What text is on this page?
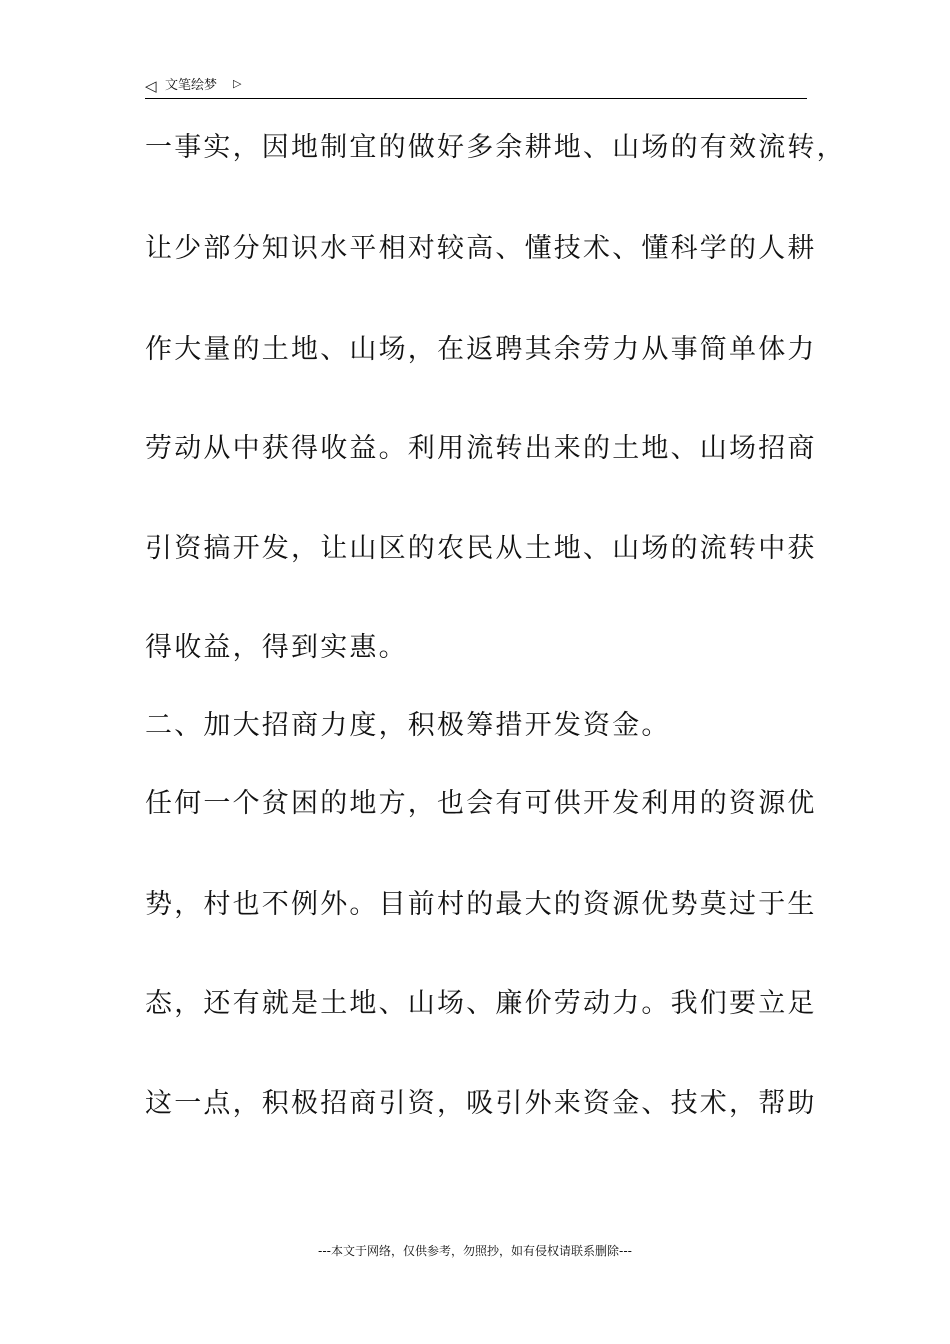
◁ 文笔绘梦 ▷
一事实，因地制宜的做好多余耕地、山场的有效流转，
让少部分知识水平相对较高、懂技术、懂科学的人耕
作大量的土地、山场，在返聘其余劳力从事简单体力
劳动从中获得收益。利用流转出来的土地、山场招商
引资搞开发，让山区的农民从土地、山场的流转中获
得收益，得到实惠。
二、加大招商力度，积极筹措开发资金。
任何一个贫困的地方，也会有可供开发利用的资源优
势，村也不例外。目前村的最大的资源优势莫过于生
态，还有就是土地、山场、廉价劳动力。我们要立足
这一点，积极招商引资，吸引外来资金、技术，帮助
---本文于网络，仅供参考，勿照抄，如有侵权请联系删除---
